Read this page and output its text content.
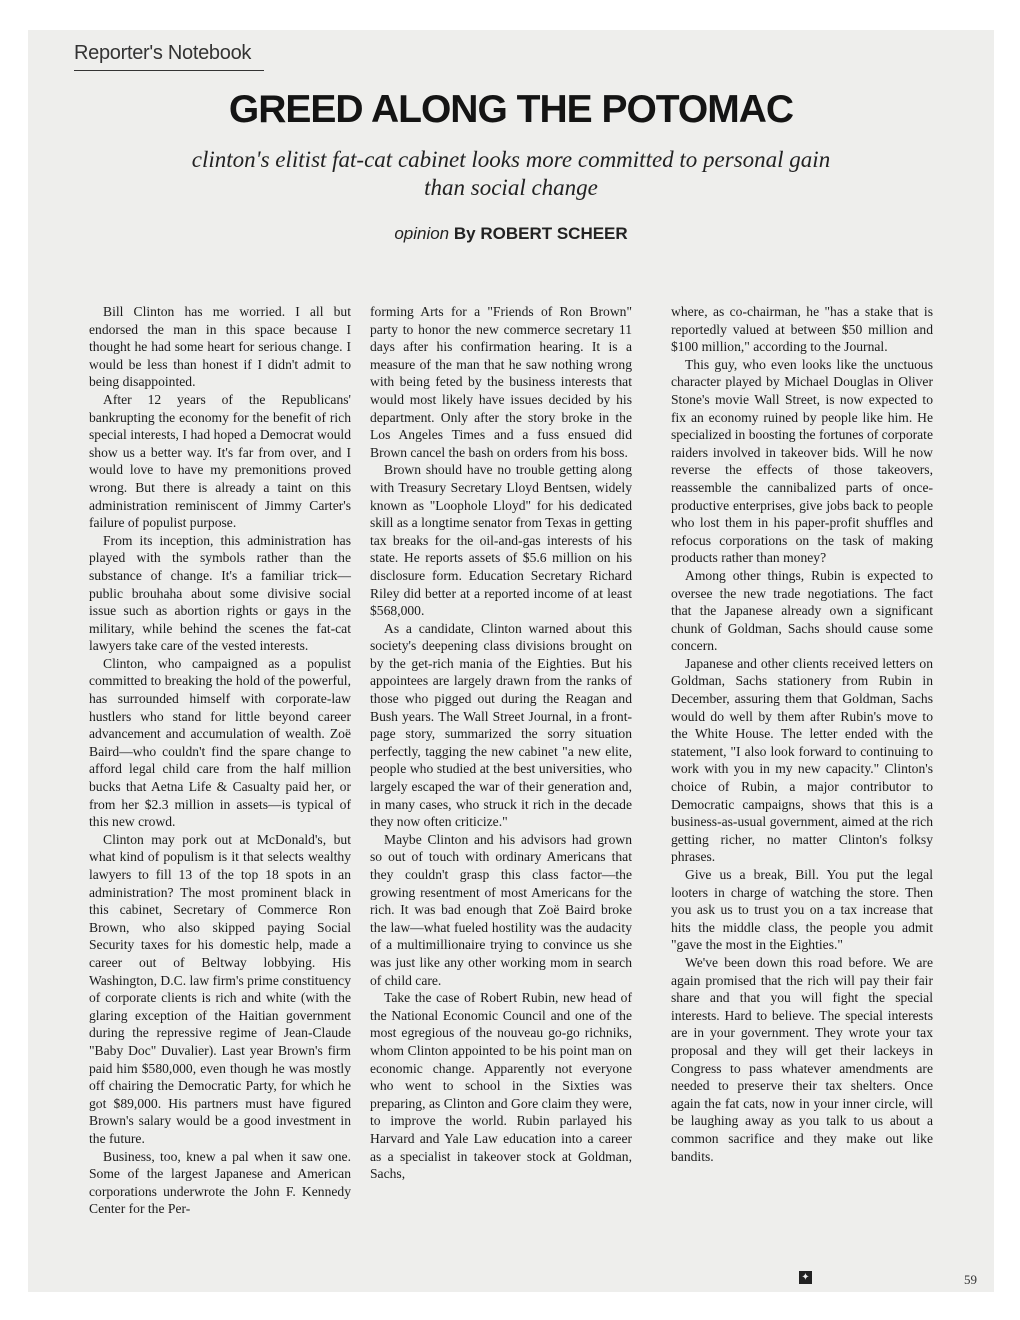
Reporter's Notebook
GREED ALONG THE POTOMAC
clinton's elitist fat-cat cabinet looks more committed to personal gain than social change
opinion By ROBERT SCHEER

Bill Clinton has me worried. I all but endorsed the man in this space because I thought he had some heart for serious change. I would be less than honest if I didn't admit to being disappointed.

After 12 years of the Republicans' bankrupting the economy for the benefit of rich special interests, I had hoped a Democrat would show us a better way. It's far from over, and I would love to have my premonitions proved wrong. But there is already a taint on this administration reminiscent of Jimmy Carter's failure of populist purpose.

From its inception, this administration has played with the symbols rather than the substance of change. It's a familiar trick—public brouhaha about some divisive social issue such as abortion rights or gays in the military, while behind the scenes the fat-cat lawyers take care of the vested interests.

Clinton, who campaigned as a populist committed to breaking the hold of the powerful, has surrounded himself with corporate-law hustlers who stand for little beyond career advancement and accumulation of wealth. Zoë Baird—who couldn't find the spare change to afford legal child care from the half million bucks that Aetna Life & Casualty paid her, or from her $2.3 million in assets—is typical of this new crowd.

Clinton may pork out at McDonald's, but what kind of populism is it that selects wealthy lawyers to fill 13 of the top 18 spots in an administration? The most prominent black in this cabinet, Secretary of Commerce Ron Brown, who also skipped paying Social Security taxes for his domestic help, made a career out of Beltway lobbying. His Washington, D.C. law firm's prime constituency of corporate clients is rich and white (with the glaring exception of the Haitian government during the repressive regime of Jean-Claude "Baby Doc" Duvalier). Last year Brown's firm paid him $580,000, even though he was mostly off chairing the Democratic Party, for which he got $89,000. His partners must have figured Brown's salary would be a good investment in the future.

Business, too, knew a pal when it saw one. Some of the largest Japanese and American corporations underwrote the John F. Kennedy Center for the Per-

forming Arts for a "Friends of Ron Brown" party to honor the new commerce secretary 11 days after his confirmation hearing. It is a measure of the man that he saw nothing wrong with being feted by the business interests that would most likely have issues decided by his department. Only after the story broke in the Los Angeles Times and a fuss ensued did Brown cancel the bash on orders from his boss.

Brown should have no trouble getting along with Treasury Secretary Lloyd Bentsen, widely known as "Loophole Lloyd" for his dedicated skill as a longtime senator from Texas in getting tax breaks for the oil-and-gas interests of his state. He reports assets of $5.6 million on his disclosure form. Education Secretary Richard Riley did better at a reported income of at least $568,000.

As a candidate, Clinton warned about this society's deepening class divisions brought on by the get-rich mania of the Eighties. But his appointees are largely drawn from the ranks of those who pigged out during the Reagan and Bush years. The Wall Street Journal, in a front-page story, summarized the sorry situation perfectly, tagging the new cabinet "a new elite, people who studied at the best universities, who largely escaped the war of their generation and, in many cases, who struck it rich in the decade they now often criticize."

Maybe Clinton and his advisors had grown so out of touch with ordinary Americans that they couldn't grasp this class factor—the growing resentment of most Americans for the rich. It was bad enough that Zoë Baird broke the law—what fueled hostility was the audacity of a multimillionaire trying to convince us she was just like any other working mom in search of child care.

Take the case of Robert Rubin, new head of the National Economic Council and one of the most egregious of the nouveau go-go richniks, whom Clinton appointed to be his point man on economic change. Apparently not everyone who went to school in the Sixties was preparing, as Clinton and Gore claim they were, to improve the world. Rubin parlayed his Harvard and Yale Law education into a career as a specialist in takeover stock at Goldman, Sachs,

where, as co-chairman, he "has a stake that is reportedly valued at between $50 million and $100 million," according to the Journal.

This guy, who even looks like the unctuous character played by Michael Douglas in Oliver Stone's movie Wall Street, is now expected to fix an economy ruined by people like him. He specialized in boosting the fortunes of corporate raiders involved in takeover bids. Will he now reverse the effects of those takeovers, reassemble the cannibalized parts of once-productive enterprises, give jobs back to people who lost them in his paper-profit shuffles and refocus corporations on the task of making products rather than money?

Among other things, Rubin is expected to oversee the new trade negotiations. The fact that the Japanese already own a significant chunk of Goldman, Sachs should cause some concern.

Japanese and other clients received letters on Goldman, Sachs stationery from Rubin in December, assuring them that Goldman, Sachs would do well by them after Rubin's move to the White House. The letter ended with the statement, "I also look forward to continuing to work with you in my new capacity." Clinton's choice of Rubin, a major contributor to Democratic campaigns, shows that this is a business-as-usual government, aimed at the rich getting richer, no matter Clinton's folksy phrases.

Give us a break, Bill. You put the legal looters in charge of watching the store. Then you ask us to trust you on a tax increase that hits the middle class, the people you admit "gave the most in the Eighties."

We've been down this road before. We are again promised that the rich will pay their fair share and that you will fight the special interests. Hard to believe. The special interests are in your government. They wrote your tax proposal and they will get their lackeys in Congress to pass whatever amendments are needed to preserve their tax shelters. Once again the fat cats, now in your inner circle, will be laughing away as you talk to us about a common sacrifice and they make out like bandits.

✦	59
